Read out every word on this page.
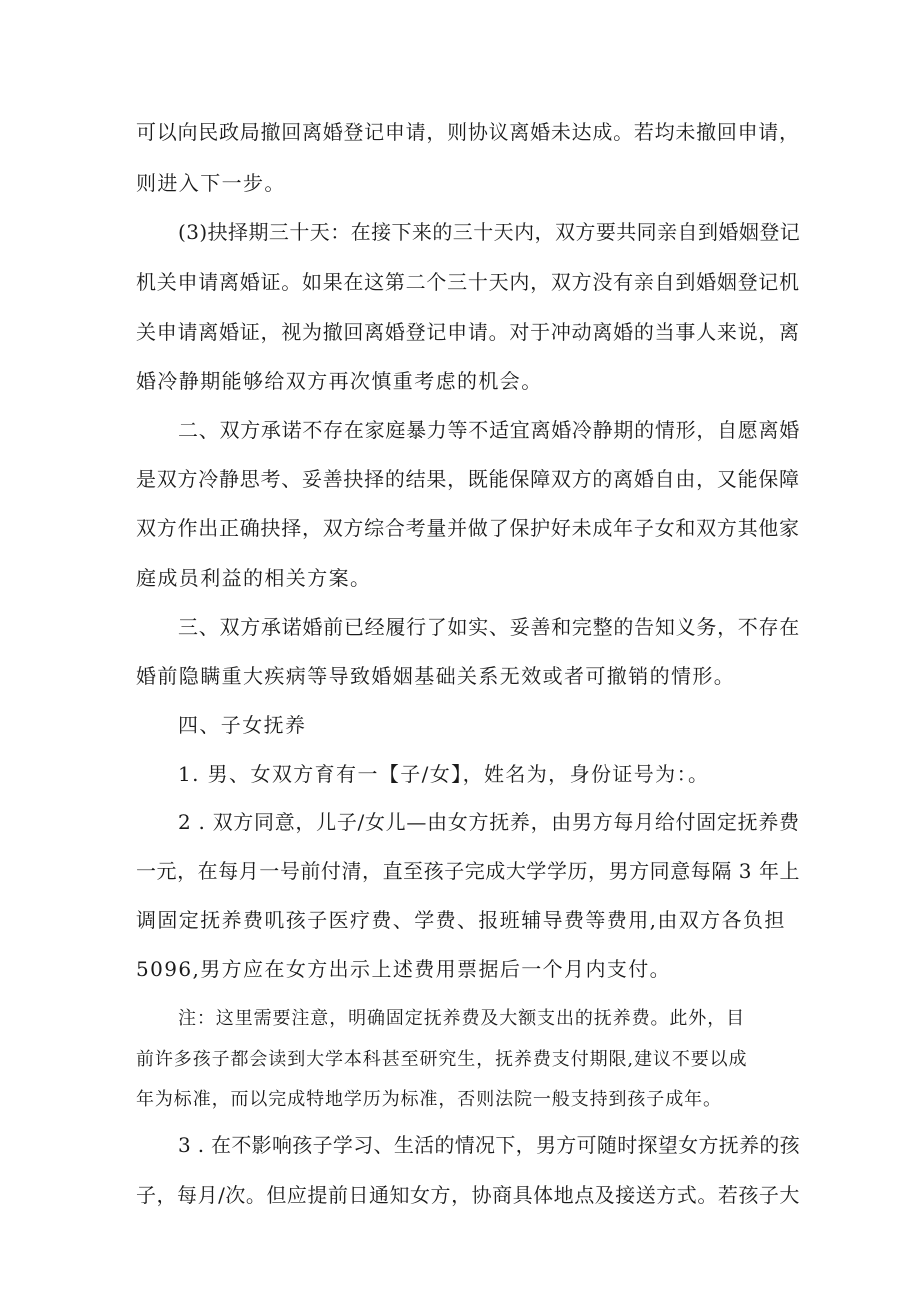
可以向民政局撤回离婚登记申请，则协议离婚未达成。若均未撤回申请，
则进入下一步。
(3)抉择期三十天：在接下来的三十天内，双方要共同亲自到婚姻登记
机关申请离婚证。如果在这第二个三十天内，双方没有亲自到婚姻登记机
关申请离婚证，视为撤回离婚登记申请。对于冲动离婚的当事人来说，离
婚冷静期能够给双方再次慎重考虑的机会。
二、双方承诺不存在家庭暴力等不适宜离婚冷静期的情形，自愿离婚
是双方冷静思考、妥善抉择的结果，既能保障双方的离婚自由，又能保障
双方作出正确抉择，双方综合考量并做了保护好未成年子女和双方其他家
庭成员利益的相关方案。
三、双方承诺婚前已经履行了如实、妥善和完整的告知义务，不存在
婚前隐瞒重大疾病等导致婚姻基础关系无效或者可撤销的情形。
四、子女抚养
1. 男、女双方育有一【子/女】，姓名为，身份证号为：。
2 . 双方同意，儿子/女儿—由女方抚养，由男方每月给付固定抚养费
一元，在每月一号前付清，直至孩子完成大学学历，男方同意每隔 3 年上
调固定抚养费叽孩子医疗费、学费、报班辅导费等费用,由双方各负担
5096,男方应在女方出示上述费用票据后一个月内支付。
注：这里需要注意，明确固定抚养费及大额支出的抚养费。此外，目
前许多孩子都会读到大学本科甚至研究生，抚养费支付期限,建议不要以成
年为标准，而以完成特地学历为标准，否则法院一般支持到孩子成年。
3 . 在不影响孩子学习、生活的情况下，男方可随时探望女方抚养的孩
子，每月/次。但应提前日通知女方，协商具体地点及接送方式。若孩子大
